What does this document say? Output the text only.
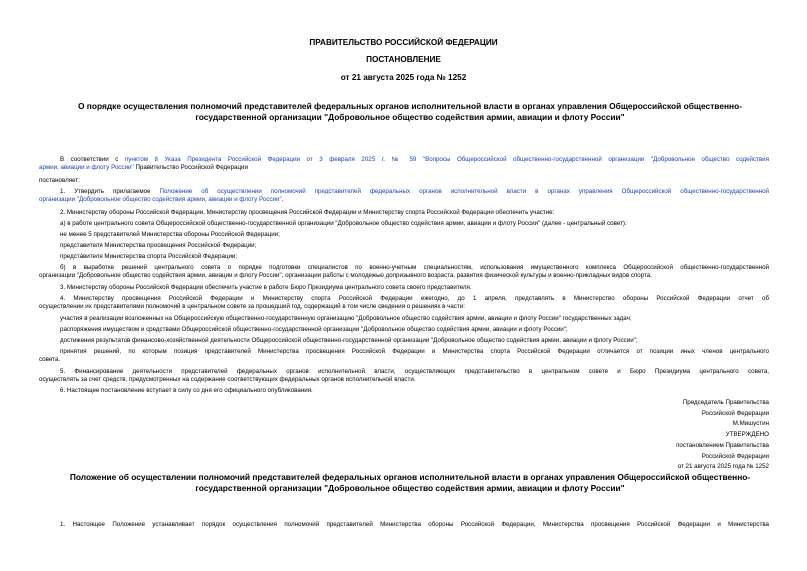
ПРАВИТЕЛЬСТВО РОССИЙСКОЙ ФЕДЕРАЦИИ
ПОСТАНОВЛЕНИЕ
от 21 августа 2025 года № 1252
О порядке осуществления полномочий представителей федеральных органов исполнительной власти в органах управления Общероссийской общественно-
государственной организации "Добровольное общество содействия армии, авиации и флоту России"
В соответствии с пунктом 8 Указа Президента Российской Федерации от 3 февраля 2025 г. № 59 "Вопросы Общероссийской общественно-государственной организации "Добровольное общество содействия
армии, авиации и флоту России" Правительство Российской Федерации
постановляет:
1. Утвердить прилагаемое Положение об осуществлении полномочий представителей федеральных органов исполнительной власти в органах управления Общероссийской общественно-государственной
организации "Добровольное общество содействия армии, авиации и флоту России".
2. Министерству обороны Российской Федерации, Министерству просвещения Российской Федерации и Министерству спорта Российской Федерации обеспечить участие:
а) в работе центрального совета Общероссийской общественно-государственной организации "Добровольное общество содействия армии, авиации и флоту России" (далее - центральный совет):
не менее 5 представителей Министерства обороны Российской Федерации;
представителя Министерства просвещения Российской Федерации;
представителя Министерства спорта Российской Федерации;
б) в выработке решений центрального совета о порядке подготовки специалистов по военно-учетным специальностям, использования имущественного комплекса Общероссийской общественно-государственной
организации "Добровольное общество содействия армии, авиации и флоту России", организации работы с молодежью допризывного возраста, развития физической культуры и военно-прикладных видов спорта.
3. Министерству обороны Российской Федерации обеспечить участие в работе Бюро Президиума центрального совета своего представителя.
4. Министерству просвещения Российской Федерации и Министерству спорта Российской Федерации ежегодно, до 1 апреля, представлять в Министерство обороны Российской Федерации отчет об
осуществлении их представителями полномочий в центральном совете за прошедший год, содержащий в том числе сведения о решениях в части:
участия в реализации возложенных на Общероссийскую общественно-государственную организацию "Добровольное общество содействия армии, авиации и флоту России" государственных задач;
распоряжения имуществом и средствами Общероссийской общественно-государственной организации "Добровольное общество содействия армии, авиации и флоту России";
достижения результатов финансово-хозяйственной деятельности Общероссийской общественно-государственной организации "Добровольное общество содействия армии, авиации и флоту России";
принятия решений, по которым позиция представителей Министерства просвещения Российской Федерации и Министерства спорта Российской Федерации отличается от позиции иных членов центрального
совета.
5. Финансирование деятельности представителей федеральных органов исполнительной власти, осуществляющих представительство в центральном совете и Бюро Президиума центрального совета,
осуществлять за счет средств, предусмотренных на содержание соответствующих федеральных органов исполнительной власти.
6. Настоящее постановление вступает в силу со дня его официального опубликования.
Председатель Правительства
Российской Федерации
М.Мишустин
УТВЕРЖДЕНО
постановлением Правительства
Российской Федерации
от 21 августа 2025 года № 1252
Положение об осуществлении полномочий представителей федеральных органов исполнительной власти в органах управления Общероссийской общественно-
государственной организации "Добровольное общество содействия армии, авиации и флоту России"
1. Настоящее Положение устанавливает порядок осуществления полномочий представителей Министерства обороны Российской Федерации, Министерства просвещения Российской Федерации и Министерства
